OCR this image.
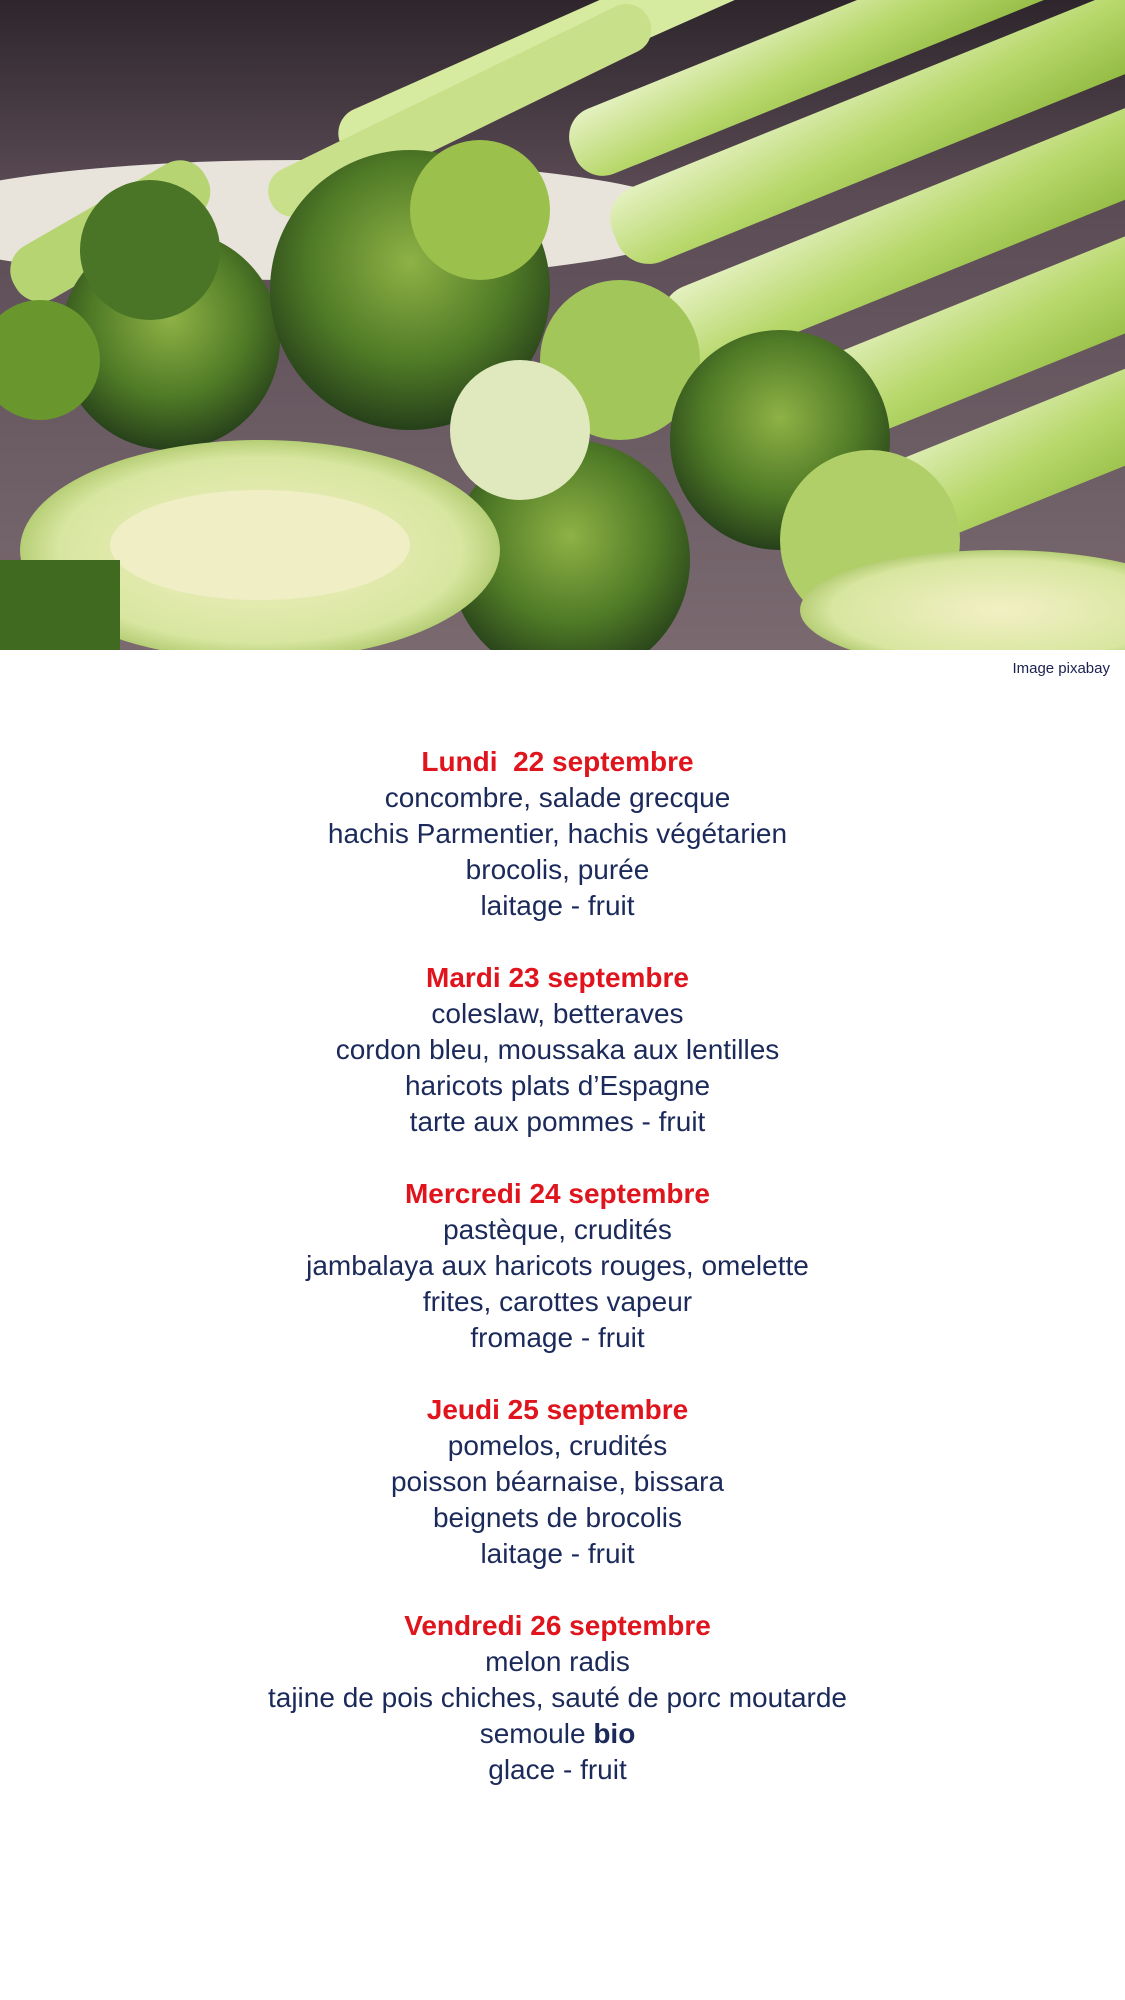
Image pixabay
Lundi  22 septembre
concombre, salade grecque
hachis Parmentier, hachis végétarien
brocolis, purée
laitage - fruit
Mardi 23 septembre
coleslaw, betteraves
cordon bleu, moussaka aux lentilles
haricots plats d’Espagne
tarte aux pommes - fruit
Mercredi 24 septembre
pastèque, crudités
jambalaya aux haricots rouges, omelette
frites, carottes vapeur
fromage - fruit
Jeudi 25 septembre
pomelos, crudités
poisson béarnaise, bissara
beignets de brocolis
laitage - fruit
Vendredi 26 septembre
melon radis
tajine de pois chiches, sauté de porc moutarde
semoule bio
glace - fruit
